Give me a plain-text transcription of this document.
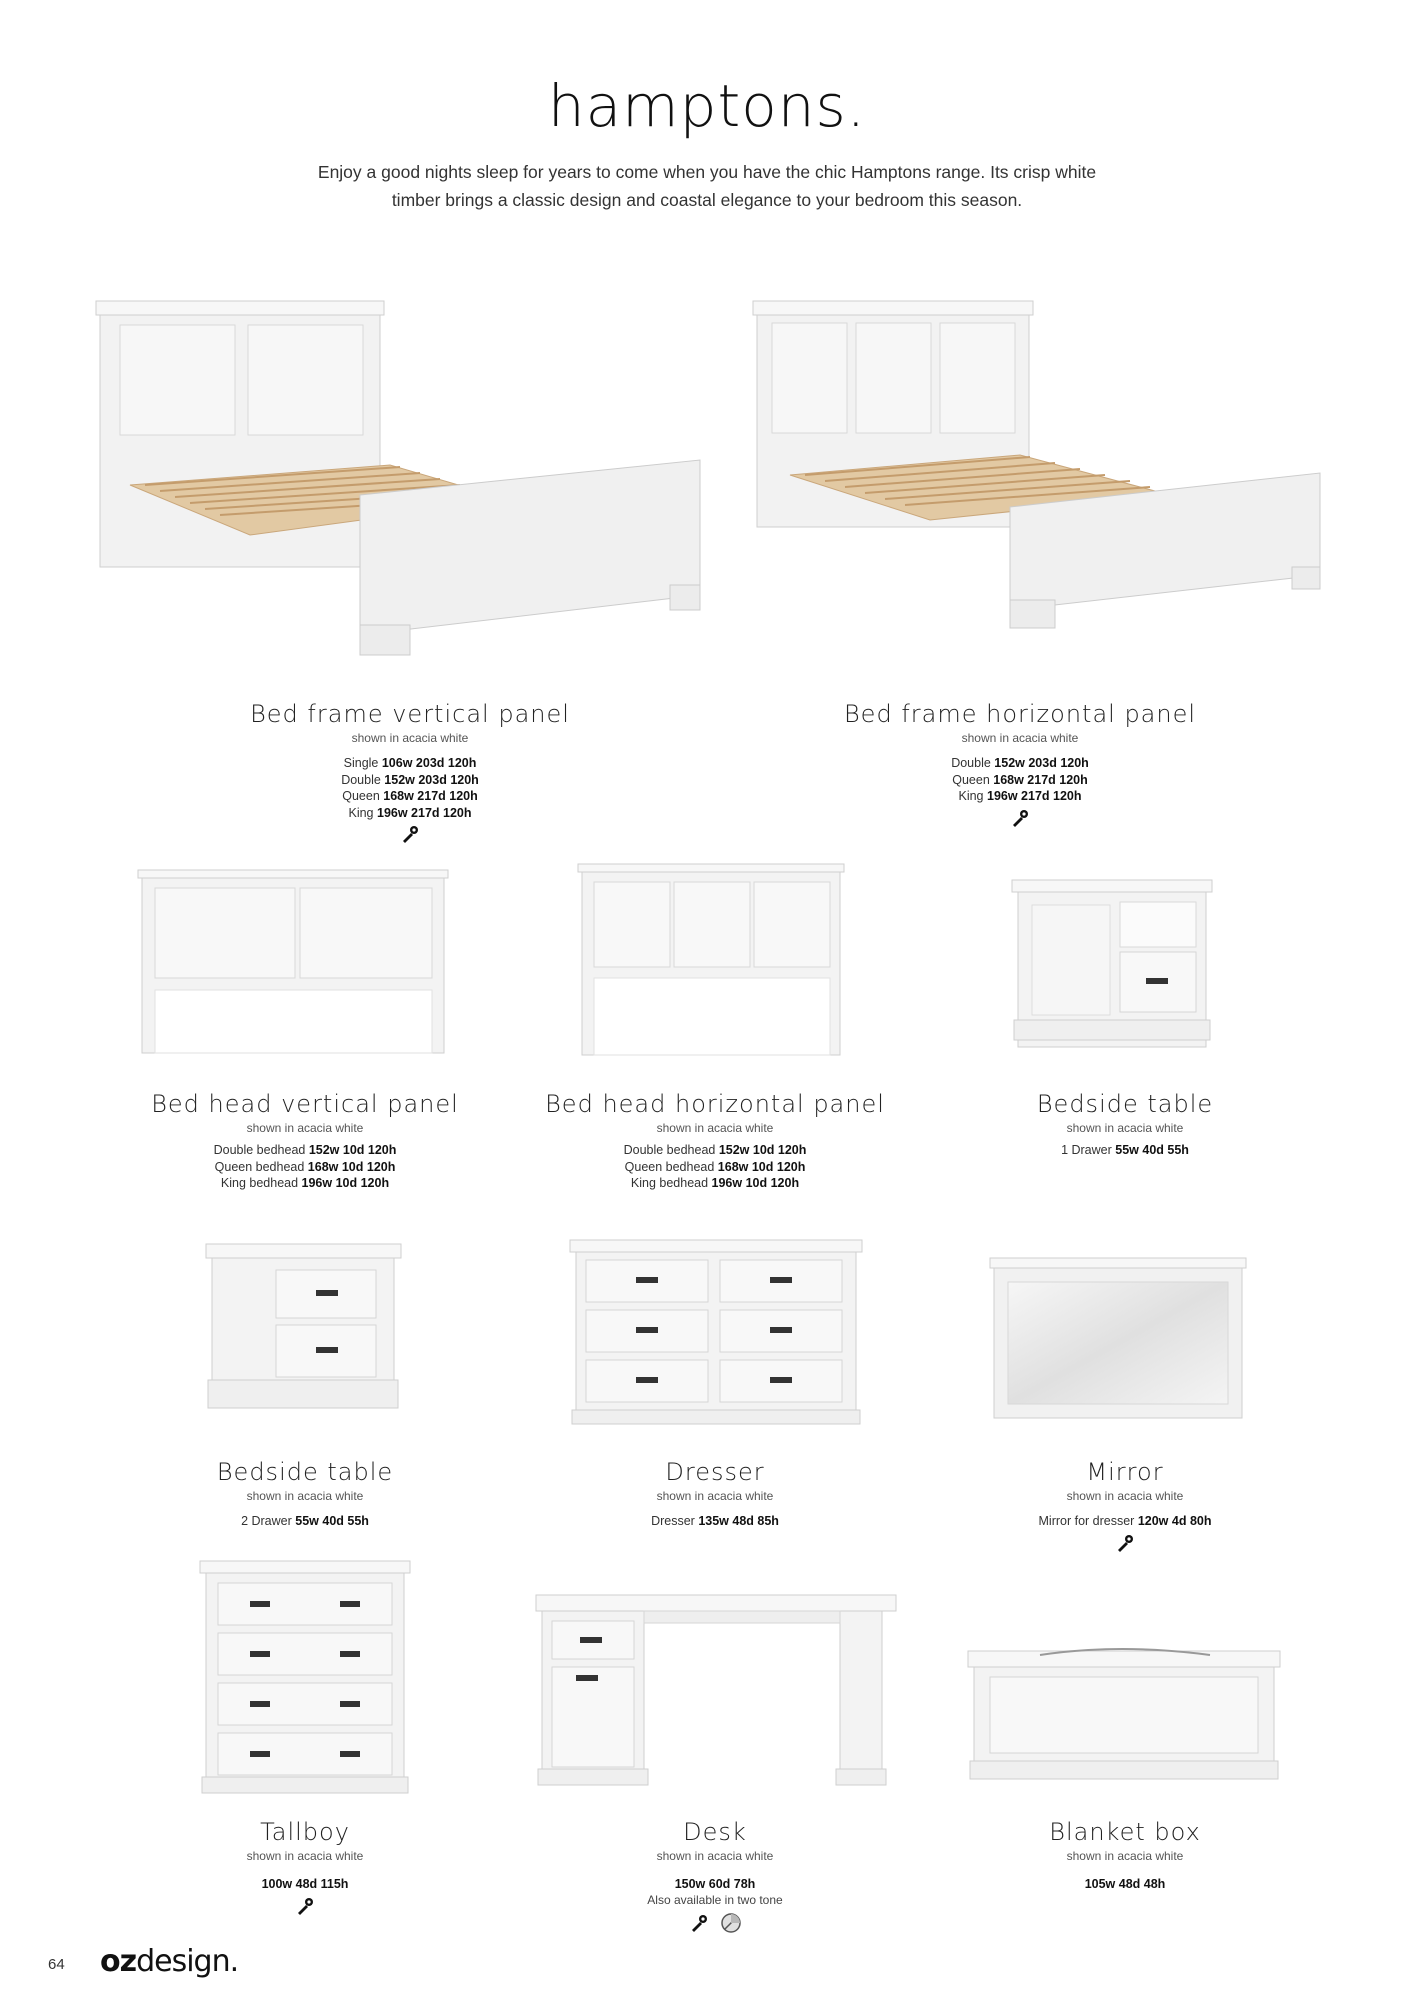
hamptons.
Enjoy a good nights sleep for years to come when you have the chic Hamptons range. Its crisp white timber brings a classic design and coastal elegance to your bedroom this season.
Bed frame vertical panel
shown in acacia white
Single 106w 203d 120h
Double 152w 203d 120h
Queen 168w 217d 120h
King 196w 217d 120h
Bed frame horizontal panel
shown in acacia white
Double 152w 203d 120h
Queen 168w 217d 120h
King 196w 217d 120h
Bed head vertical panel
shown in acacia white
Double bedhead 152w 10d 120h
Queen bedhead 168w 10d 120h
King bedhead 196w 10d 120h
Bed head horizontal panel
shown in acacia white
Double bedhead 152w 10d 120h
Queen bedhead 168w 10d 120h
King bedhead 196w 10d 120h
Bedside table
shown in acacia white
1 Drawer 55w 40d 55h
Bedside table
shown in acacia white
2 Drawer 55w 40d 55h
Dresser
shown in acacia white
Dresser 135w 48d 85h
Mirror
shown in acacia white
Mirror for dresser 120w 4d 80h
Tallboy
shown in acacia white
100w 48d 115h
Desk
shown in acacia white
150w 60d 78h
Also available in two tone

Blanket box
shown in acacia white
105w 48d 48h
64 ozdesign.
